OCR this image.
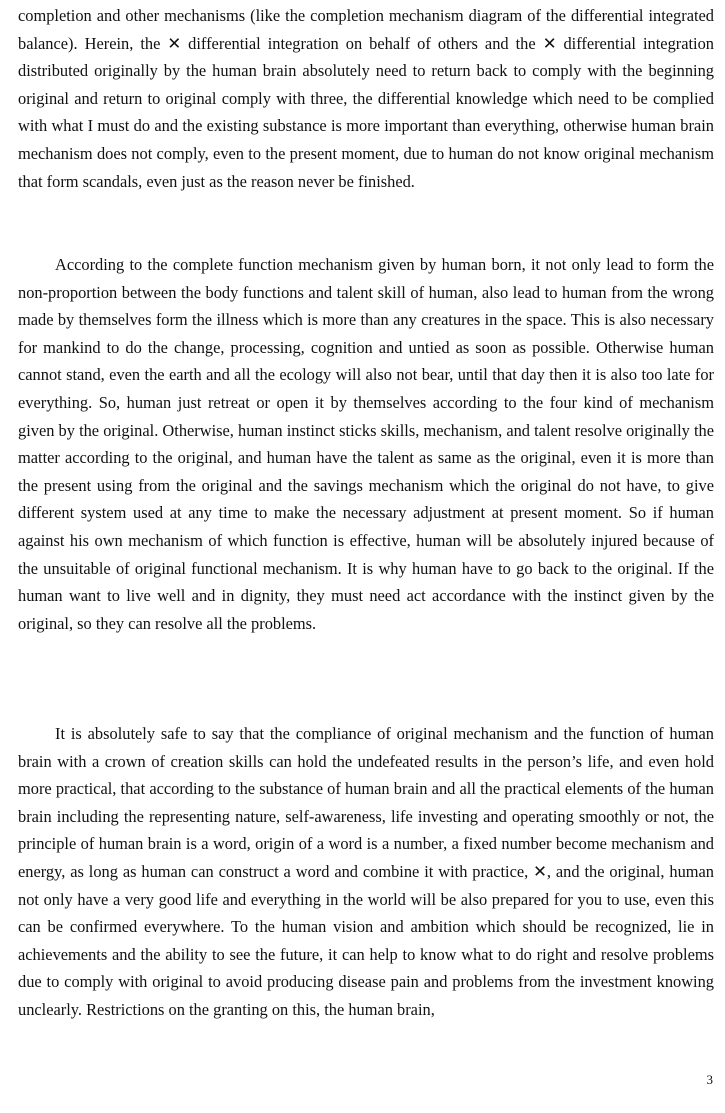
completion and other mechanisms (like the completion mechanism diagram of the differential integrated balance). Herein, the ✕ differential integration on behalf of others and the ✕ differential integration distributed originally by the human brain absolutely need to return back to comply with the beginning original and return to original comply with three, the differential knowledge which need to be complied with what I must do and the existing substance is more important than everything, otherwise human brain mechanism does not comply, even to the present moment, due to human do not know original mechanism that form scandals, even just as the reason never be finished.

According to the complete function mechanism given by human born, it not only lead to form the non-proportion between the body functions and talent skill of human, also lead to human from the wrong made by themselves form the illness which is more than any creatures in the space. This is also necessary for mankind to do the change, processing, cognition and untied as soon as possible. Otherwise human cannot stand, even the earth and all the ecology will also not bear, until that day then it is also too late for everything. So, human just retreat or open it by themselves according to the four kind of mechanism given by the original. Otherwise, human instinct sticks skills, mechanism, and talent resolve originally the matter according to the original, and human have the talent as same as the original, even it is more than the present using from the original and the savings mechanism which the original do not have, to give different system used at any time to make the necessary adjustment at present moment. So if human against his own mechanism of which function is effective, human will be absolutely injured because of the unsuitable of original functional mechanism. It is why human have to go back to the original. If the human want to live well and in dignity, they must need act accordance with the instinct given by the original, so they can resolve all the problems.

It is absolutely safe to say that the compliance of original mechanism and the function of human brain with a crown of creation skills can hold the undefeated results in the person’s life, and even hold more practical, that according to the substance of human brain and all the practical elements of the human brain including the representing nature, self-awareness, life investing and operating smoothly or not, the principle of human brain is a word, origin of a word is a number, a fixed number become mechanism and energy, as long as human can construct a word and combine it with practice, ✕, and the original, human not only have a very good life and everything in the world will be also prepared for you to use, even this can be confirmed everywhere. To the human vision and ambition which should be recognized, lie in achievements and the ability to see the future, it can help to know what to do right and resolve problems due to comply with original to avoid producing disease pain and problems from the investment knowing unclearly. Restrictions on the granting on this, the human brain,

3
